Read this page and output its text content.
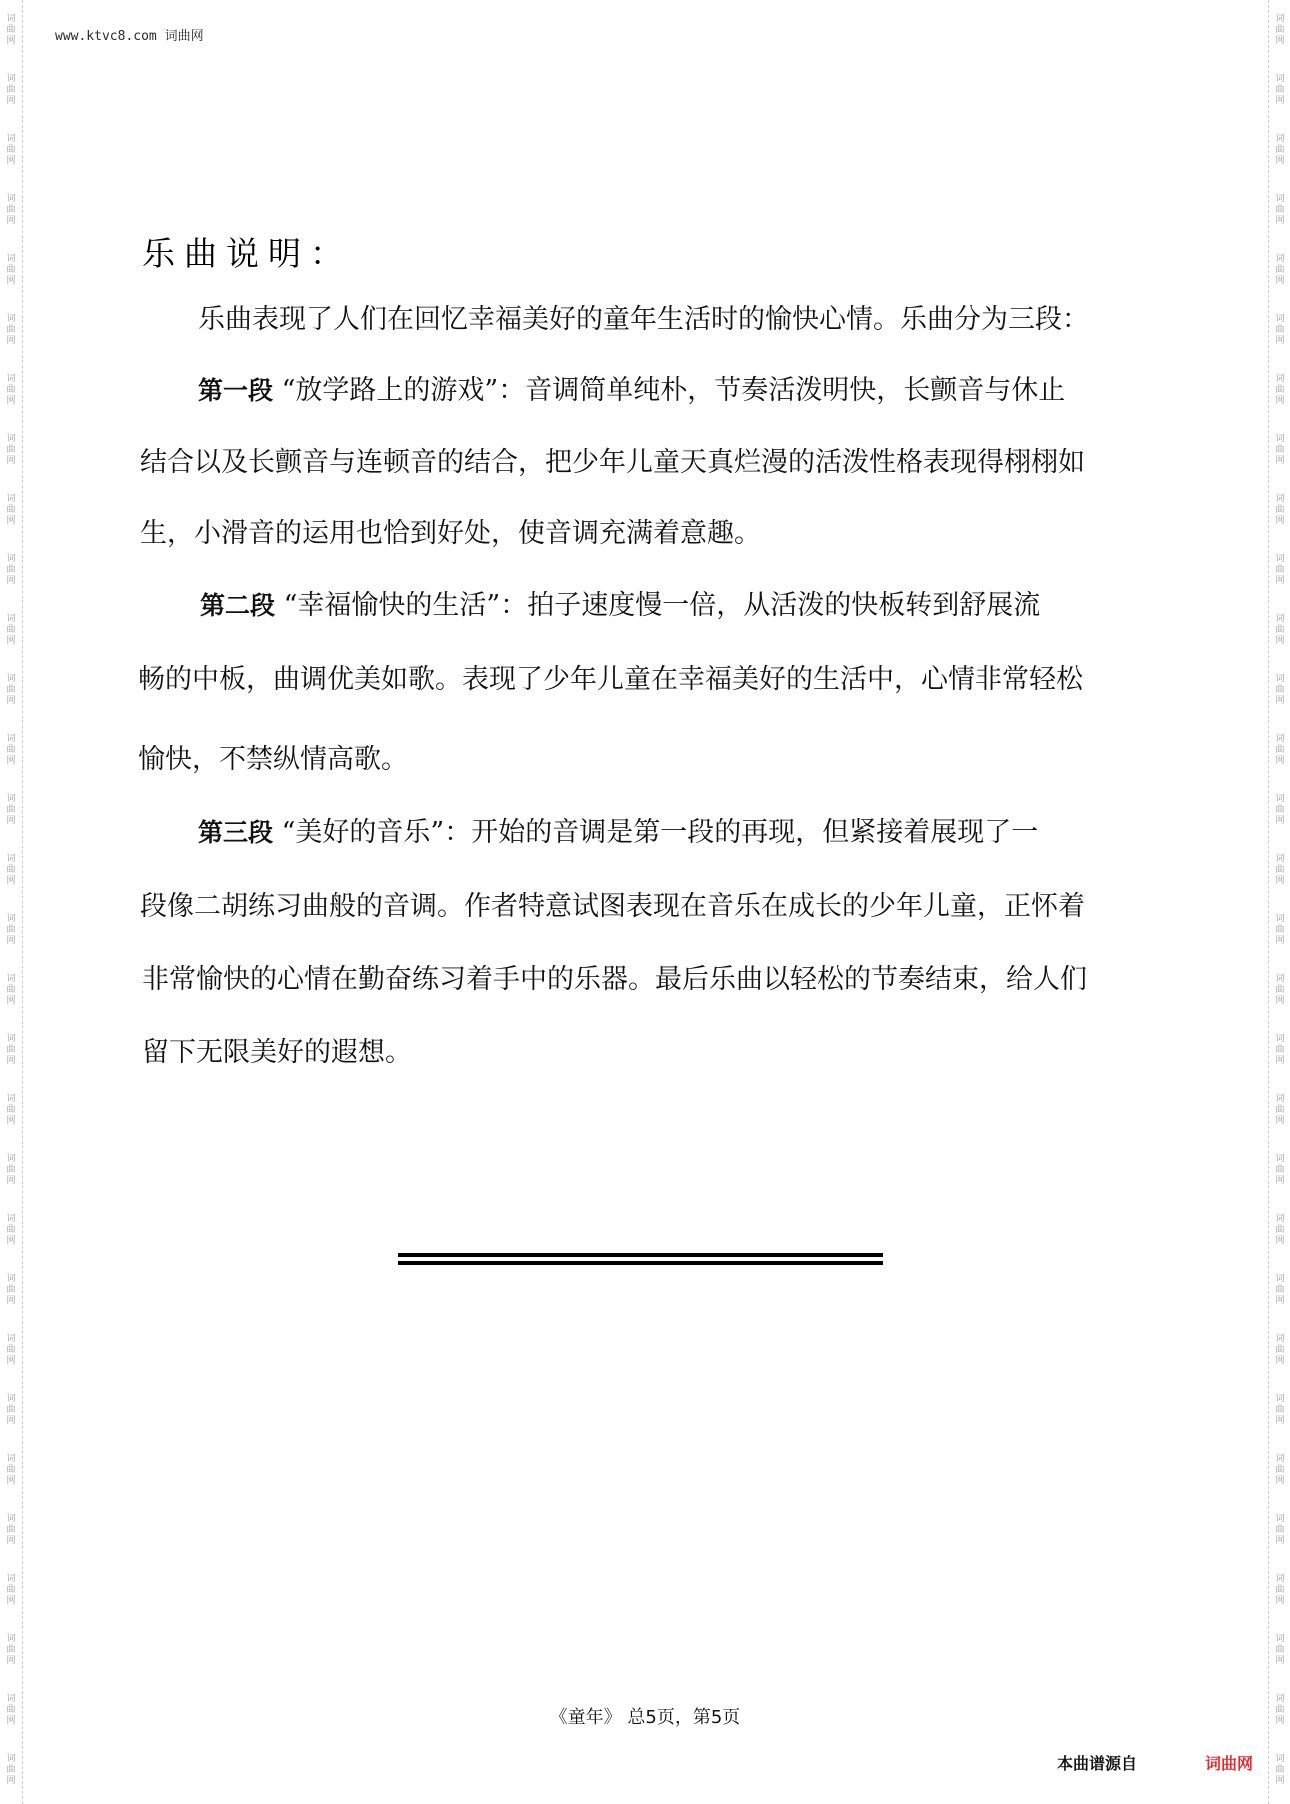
词
曲
网
词
曲
网
词
曲
网
词
曲
网
词
曲
网
词
曲
网
词
曲
网
词
曲
网
词
曲
网
词
曲
网
词
曲
网
词
曲
网
词
曲
网
词
曲
网
词
曲
网
词
曲
网
词
曲
网
词
曲
网
词
曲
网
词
曲
网
词
曲
网
词
曲
网
词
曲
网
词
曲
网
词
曲
网
词
曲
网
词
曲
网
词
曲
网
词
曲
网
词
曲
网
词
曲
网
词
曲
网
词
曲
网
词
曲
网
词
曲
网
词
曲
网
词
曲
网
词
曲
网
词
曲
网
词
曲
网
词
曲
网
词
曲
网
词
曲
网
词
曲
网
词
曲
网
词
曲
网
词
曲
网
词
曲
网
词
曲
网
词
曲
网
词
曲
网
词
曲
网
词
曲
网
词
曲
网
词
曲
网
词
曲
网
词
曲
网
词
曲
网
词
曲
网
词
曲
网
www.ktvc8.com 词曲网
乐曲说明：
乐曲表现了人们在回忆幸福美好的童年生活时的愉快心情。乐曲分为三段：
第一段 “放学路上的游戏”：音调简单纯朴，节奏活泼明快，长颤音与休止
结合以及长颤音与连顿音的结合，把少年儿童天真烂漫的活泼性格表现得栩栩如
生，小滑音的运用也恰到好处，使音调充满着意趣。
第二段 “幸福愉快的生活”：拍子速度慢一倍，从活泼的快板转到舒展流
畅的中板，曲调优美如歌。表现了少年儿童在幸福美好的生活中，心情非常轻松
愉快，不禁纵情高歌。
第三段 “美好的音乐”：开始的音调是第一段的再现，但紧接着展现了一
段像二胡练习曲般的音调。作者特意试图表现在音乐在成长的少年儿童，正怀着
非常愉快的心情在勤奋练习着手中的乐器。最后乐曲以轻松的节奏结束，给人们
留下无限美好的遐想。
《童年》 总5页，第5页
本曲谱源自	词曲网
